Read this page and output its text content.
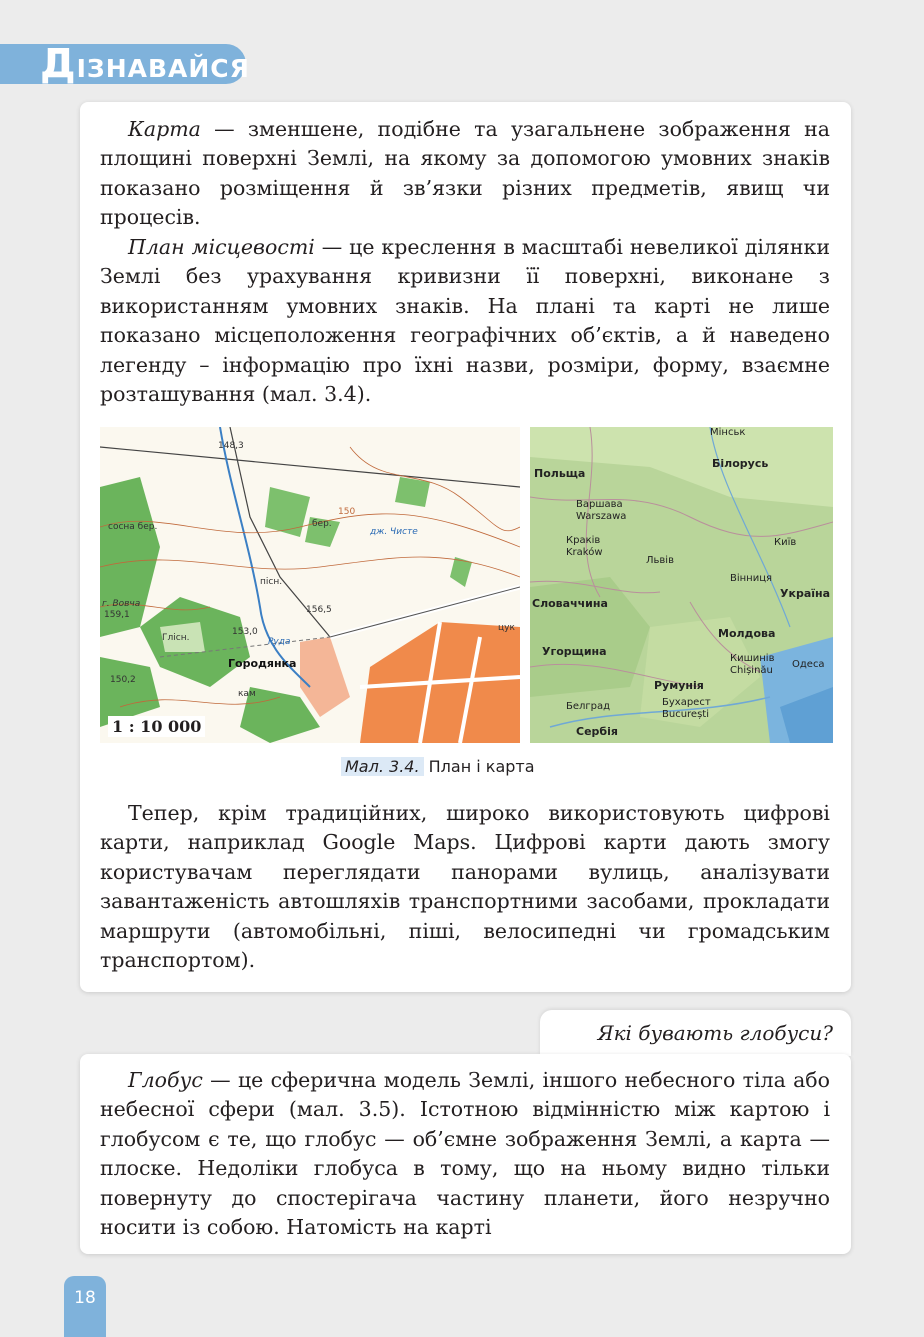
ДІЗНАВАЙСЯ

Карта — зменшене, подібне та узагальнене зображення на площині поверхні Землі, на якому за допомогою умовних знаків показано розміщення й зв’язки різних предметів, явищ чи процесів.

План місцевості — це креслення в масштабі невеликої ділянки Землі без урахування кривизни її поверхні, виконане з використанням умовних знаків. На плані та карті не лише показано місцеположення географічних об’єктів, а й наведено легенду – інформацію про їхні назви, розміри, форму, взаємне розташування (мал. 3.4).

148,3
Городянка
153,0
156,5
159,1
150,2
г. Вовча
сосна бер.
Глісн.
кам
бер.
дж. Чисте
Руда
пісн.
150
цук
1 : 10 000
Мінськ
Білорусь
Польща
Варшава
Warszawa
Краків
Kraków
Львів
Київ
Україна
Вінниця
Словаччина
Молдова
Кишинів
Chișinău
Одеса
Угорщина
Румунія
Бухарест
București
Сербія
Белград
Мал. 3.4. План і карта

Тепер, крім традиційних, широко використовують цифрові карти, наприклад Google Maps. Цифрові карти дають змогу користувачам переглядати панорами вулиць, аналізувати завантаженість автошляхів транспортними засобами, прокладати маршрути (автомобільні, піші, велосипедні чи громадським транспортом).

Які бувають глобуси?

Глобус — це сферична модель Землі, іншого небесного тіла або небесної сфери (мал. 3.5). Істотною відмінністю між картою і глобусом є те, що глобус — об’ємне зображення Землі, а карта — плоске. Недоліки глобуса в тому, що на ньому видно тільки повернуту до спостерігача частину планети, його незручно носити із собою. Натомість на карті

18
